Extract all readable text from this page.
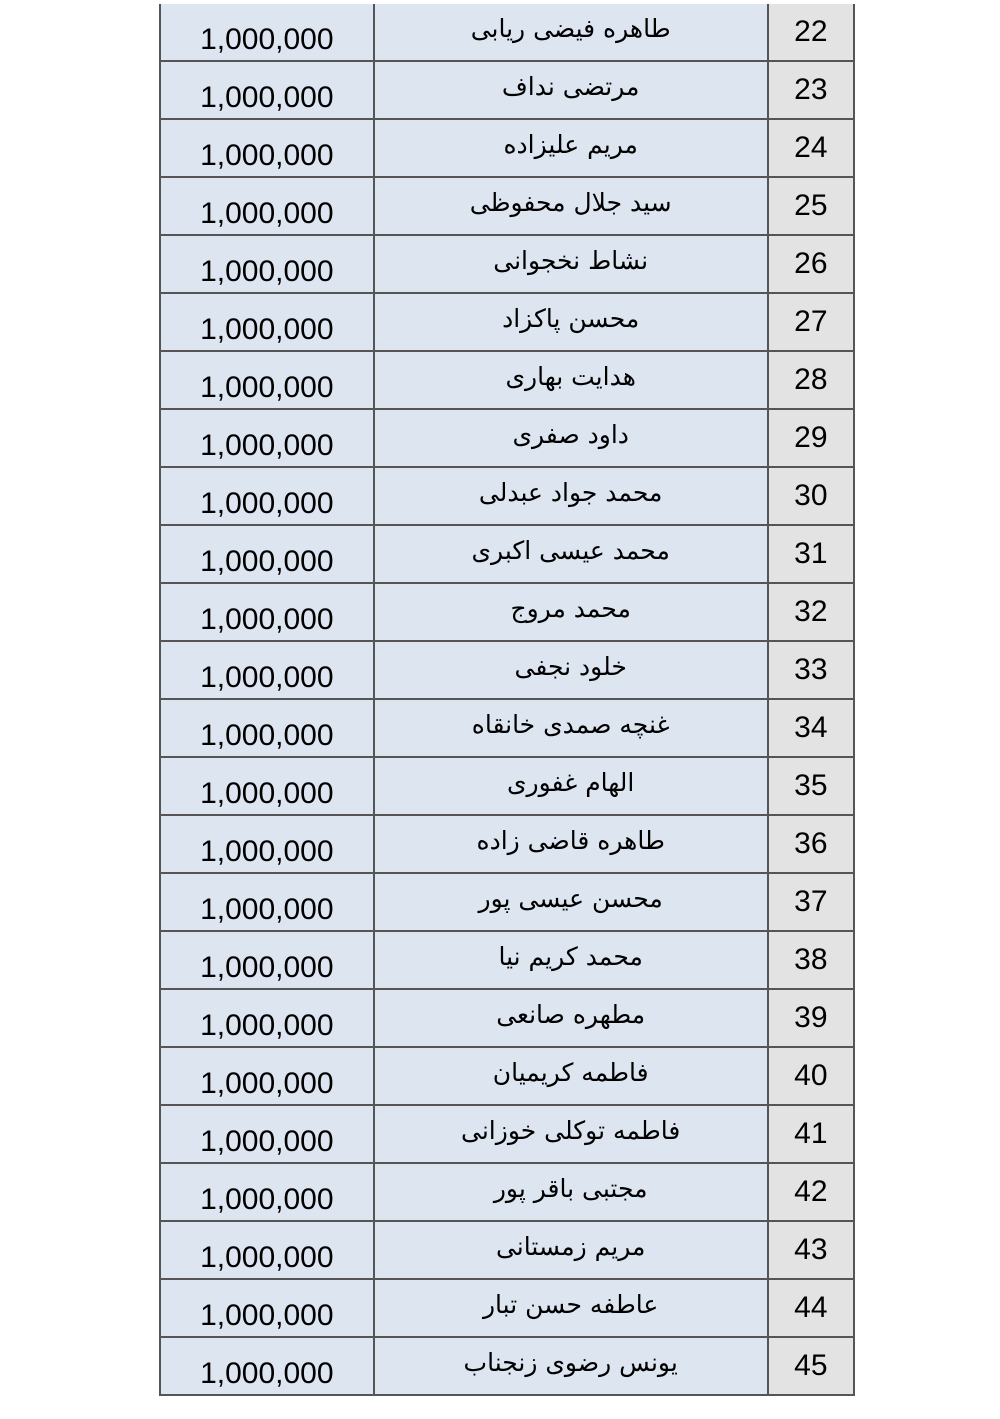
1,000,000	طاهره فیضی ریابی	22
1,000,000	مرتضی نداف	23
1,000,000	مریم علیزاده	24
1,000,000	سید جلال محفوظی	25
1,000,000	نشاط نخجوانی	26
1,000,000	محسن پاکزاد	27
1,000,000	هدایت بهاری	28
1,000,000	داود صفری	29
1,000,000	محمد جواد عبدلی	30
1,000,000	محمد عیسی اکبری	31
1,000,000	محمد مروج	32
1,000,000	خلود نجفی	33
1,000,000	غنچه صمدی خانقاه	34
1,000,000	الهام غفوری	35
1,000,000	طاهره قاضی زاده	36
1,000,000	محسن عیسی پور	37
1,000,000	محمد کریم نیا	38
1,000,000	مطهره صانعی	39
1,000,000	فاطمه کریمیان	40
1,000,000	فاطمه توکلی خوزانی	41
1,000,000	مجتبی باقر پور	42
1,000,000	مریم زمستانی	43
1,000,000	عاطفه حسن تبار	44
1,000,000	یونس رضوی زنجناب	45
